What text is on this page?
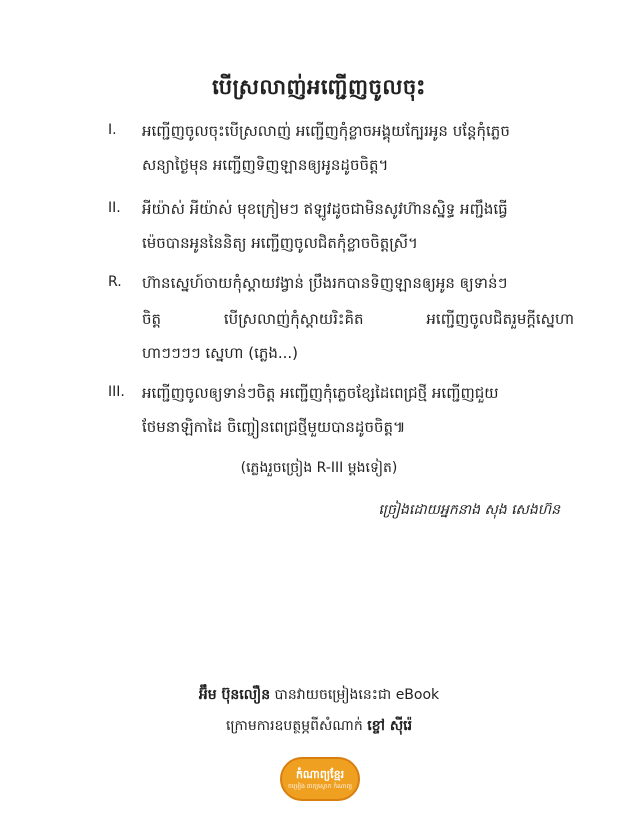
បើស្រលាញ់អញ្ជើញចូលចុះ
I. អញ្ជើញចូលចុះបើស្រលាញ់ អញ្ជើញកុំខ្លាចអង្គុយក្បែរអូន បន្តែកុំភ្លេច
សន្យាថ្ងៃមុន អញ្ជើញទិញឡានឲ្យអូនដូចចិត្ត។
II. អីយ៉ាស់ អីយ៉ាស់ មុខក្រៀមៗ ឥឡូវដូចជាមិនសូវហ៊ានស្និទ្ធ អញ្ជឹងធ្វើ
ម៉េចបានអូននៃនិត្យ អញ្ជើញចូលជិតកុំខ្លាចចិត្តស្រី។
R. ហ៊ានស្នេហ៍ចាយកុំស្តាយវង្វាន់ ប្រឹងរកបានទិញឡានឲ្យអូន ឲ្យទាន់ៗ
ចិត្ត	បើស្រលាញ់កុំស្តាយរិះគិត	អញ្ជើញចូលជិតរួមក្តីស្នេហា
ហាៗៗៗៗ ស្នេហា (ភ្លេង...)
III. អញ្ជើញចូលឲ្យទាន់ៗចិត្ត អញ្ជើញកុំភ្លេចខ្សែដៃពេជ្រថ្មី អញ្ជើញជួយ
ថែមនាឡិកាដៃ ចិញ្ចៀនពេជ្រថ្មីមួយបានដូចចិត្ត៕
(ភ្លេងរួចច្រៀង R-III ម្តងទៀត)
ច្រៀងដោយអ្នកនាង សុង សេងហ៊ន
អ៊ឹម ប៊ុនលឿន បានវាយចម្រៀងនេះជា eBook
ក្រោមការឧបត្ថម្ភពីសំណាក់ ខ្ចៅ ស៊ីរ៉េ
កំណាព្យខ្មែរ
ចម្រៀង ពាក្យស្លោក កំណាព្យ
